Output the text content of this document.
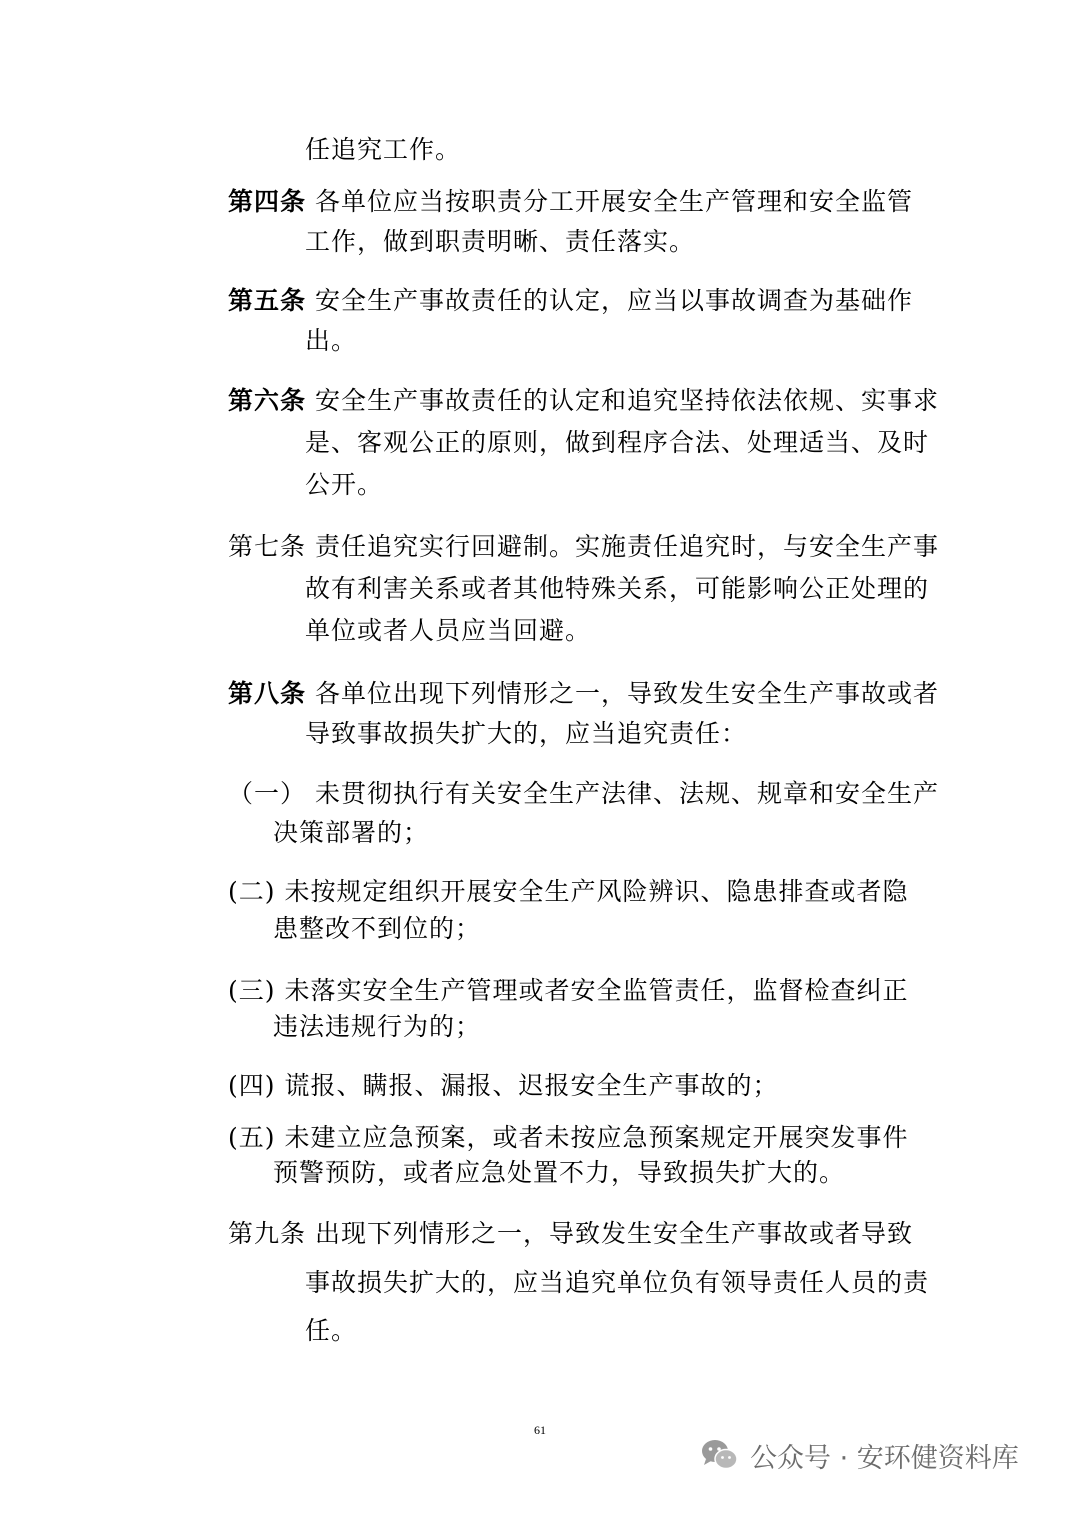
任追究工作。
第四条 各单位应当按职责分工开展安全生产管理和安全监管
工作，做到职责明晰、责任落实。
第五条 安全生产事故责任的认定，应当以事故调查为基础作
出。
第六条 安全生产事故责任的认定和追究坚持依法依规、实事求
是、客观公正的原则，做到程序合法、处理适当、及时
公开。
第七条 责任追究实行回避制。实施责任追究时，与安全生产事
故有利害关系或者其他特殊关系，可能影响公正处理的
单位或者人员应当回避。
第八条 各单位出现下列情形之一，导致发生安全生产事故或者
导致事故损失扩大的，应当追究责任：
（一） 未贯彻执行有关安全生产法律、法规、规章和安全生产
决策部署的；
(二) 未按规定组织开展安全生产风险辨识、隐患排查或者隐
患整改不到位的；
(三) 未落实安全生产管理或者安全监管责任，监督检查纠正
违法违规行为的；
(四) 谎报、瞒报、漏报、迟报安全生产事故的；
(五) 未建立应急预案，或者未按应急预案规定开展突发事件
预警预防，或者应急处置不力，导致损失扩大的。
第九条 出现下列情形之一，导致发生安全生产事故或者导致
事故损失扩大的，应当追究单位负有领导责任人员的责
任。
61
公众号 · 安环健资料库
